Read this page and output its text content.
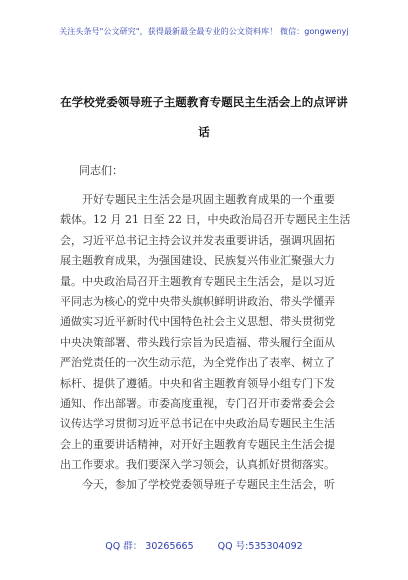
关注头条号"公文研究"，获得最新最全最专业的公文资料库！ 微信：gongwenyj
在学校党委领导班子主题教育专题民主生活会上的点评讲
话
同志们：
开好专题民主生活会是巩固主题教育成果的一个重要
载体。12 月 21 日至 22 日，中央政治局召开专题民主生活
会，习近平总书记主持会议并发表重要讲话，强调巩固拓
展主题教育成果，为强国建设、民族复兴伟业汇聚强大力
量。中央政治局召开主题教育专题民主生活会，是以习近
平同志为核心的党中央带头旗帜鲜明讲政治、带头学懂弄
通做实习近平新时代中国特色社会主义思想、带头贯彻党
中央决策部署、带头践行宗旨为民造福、带头履行全面从
严治党责任的一次生动示范，为全党作出了表率、树立了
标杆、提供了遵循。中央和省主题教育领导小组专门下发
通知、作出部署。市委高度重视，专门召开市委常委会会
议传达学习贯彻习近平总书记在中央政治局专题民主生活
会上的重要讲话精神，对开好主题教育专题民主生活会提
出工作要求。我们要深入学习领会，认真抓好贯彻落实。
今天，参加了学校党委领导班子专题民主生活会，听
QQ 群： 30265665	QQ 号:535304092
